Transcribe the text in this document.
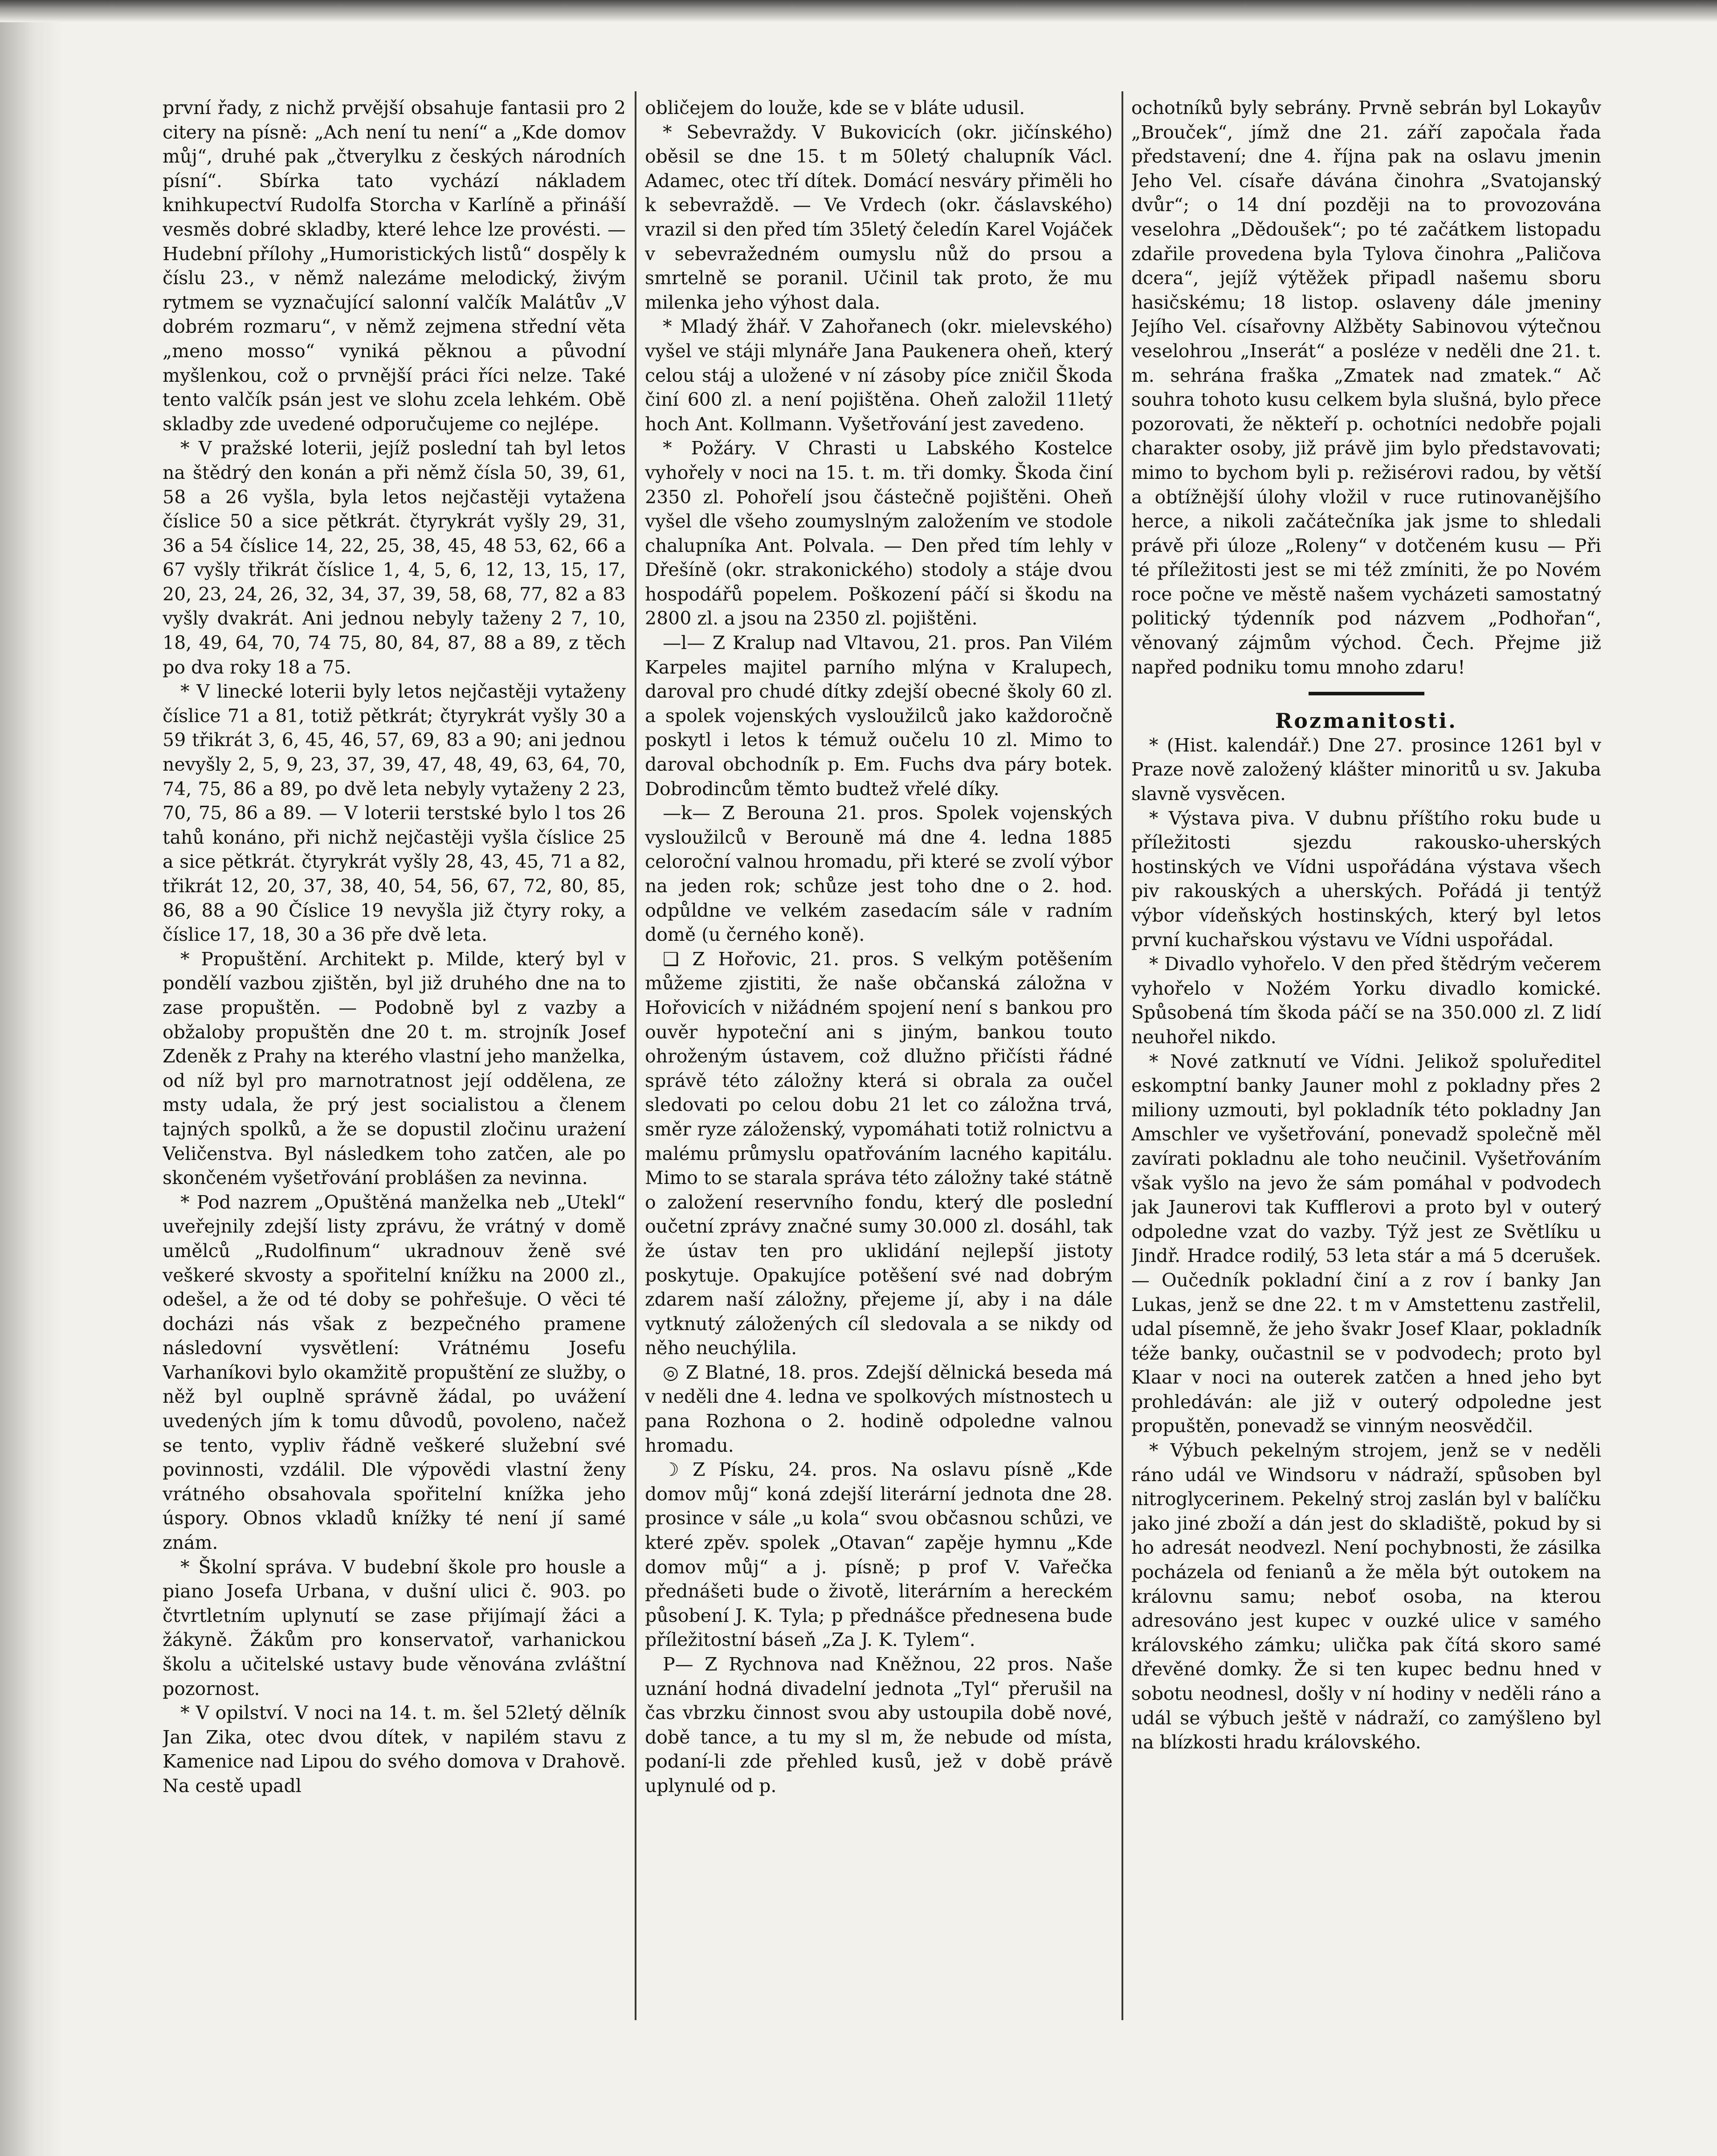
první řady, z nichž prvější obsahuje fantasii pro 2 citery na písně: „Ach není tu není“ a „Kde domov můj“, druhé pak „čtverylku z českých národních písní“. Sbírka tato vychází nákladem knihkupectví Rudolfa Storcha v Karlíně a přináší vesměs dobré skladby, které lehce lze provésti. — Hudební přílohy „Humoristických listů“ dospěly k číslu 23., v němž nalezáme melodický, živým rytmem se vyznačující salonní valčík Malátův „V dobrém rozmaru“, v němž zejmena střední věta „meno mosso“ vyniká pěknou a původní myšlenkou, což o prvnější práci říci nelze. Také tento valčík psán jest ve slohu zcela lehkém. Obě skladby zde uvedené odporučujeme co nejlépe.

* V pražské loterii, jejíž poslední tah byl letos na štědrý den konán a při němž čísla 50, 39, 61, 58 a 26 vyšla, byla letos nejčastěji vytažena číslice 50 a sice pětkrát. čtyrykrát vyšly 29, 31, 36 a 54 číslice 14, 22, 25, 38, 45, 48 53, 62, 66 a 67 vyšly třikrát číslice 1, 4, 5, 6, 12, 13, 15, 17, 20, 23, 24, 26, 32, 34, 37, 39, 58, 68, 77, 82 a 83 vyšly dvakrát. Ani jednou nebyly taženy 2 7, 10, 18, 49, 64, 70, 74 75, 80, 84, 87, 88 a 89, z těch po dva roky 18 a 75.

* V linecké loterii byly letos nejčastěji vytaženy číslice 71 a 81, totiž pětkrát; čtyrykrát vyšly 30 a 59 třikrát 3, 6, 45, 46, 57, 69, 83 a 90; ani jednou nevyšly 2, 5, 9, 23, 37, 39, 47, 48, 49, 63, 64, 70, 74, 75, 86 a 89, po dvě leta nebyly vytaženy 2 23, 70, 75, 86 a 89. — V loterii terstské bylo l tos 26 tahů konáno, při nichž nejčastěji vyšla číslice 25 a sice pětkrát. čtyrykrát vyšly 28, 43, 45, 71 a 82, třikrát 12, 20, 37, 38, 40, 54, 56, 67, 72, 80, 85, 86, 88 a 90 Číslice 19 nevyšla již čtyry roky, a číslice 17, 18, 30 a 36 pře dvě leta.

* Propuštění. Architekt p. Milde, který byl v pondělí vazbou zjištěn, byl již druhého dne na to zase propuštěn. — Podobně byl z vazby a obžaloby propuštěn dne 20 t. m. strojník Josef Zdeněk z Prahy na kterého vlastní jeho manželka, od níž byl pro marnotratnost její oddělena, ze msty udala, že prý jest socialistou a členem tajných spolků, a že se dopustil zločinu urażení Veličenstva. Byl následkem toho zatčen, ale po skončeném vyšetřování problášen za nevinna.

* Pod nazrem „Opuštěná manželka neb „Utekl“ uveřejnily zdejší listy zprávu, že vrátný v domě umělců „Rudolfinum“ ukradnouv ženě své veškeré skvosty a spořitelní knížku na 2000 zl., odešel, a že od té doby se pohřešuje. O věci té docházi nás však z bezpečného pramene následovní vysvětlení: Vrátnému Josefu Varhaníkovi bylo okamžitě propuštění ze služby, o něž byl ouplně správně žádal, po uvážení uvedených jím k tomu důvodů, povoleno, načež se tento, vypliv řádně veškeré služební své povinnosti, vzdálil. Dle výpovědi vlastní ženy vrátného obsahovala spořitelní knížka jeho úspory. Obnos vkladů knížky té není jí samé znám.

* Školní správa. V budební škole pro housle a piano Josefa Urbana, v dušní ulici č. 903. po čtvrtletním uplynutí se zase přijímají žáci a žákyně. Žákům pro konservatoř, varhanickou školu a učitelské ustavy bude věnována zvláštní pozornost.

* V opilství. V noci na 14. t. m. šel 52letý dělník Jan Zika, otec dvou dítek, v napilém stavu z Kamenice nad Lipou do svého domova v Drahově. Na cestě upadl

obličejem do louže, kde se v bláte udusil.

* Sebevraždy. V Bukovicích (okr. jičínského) oběsil se dne 15. t m 50letý chalupník Václ. Adamec, otec tří dítek. Domácí nesváry přiměli ho k sebevraždě. — Ve Vrdech (okr. čáslavského) vrazil si den před tím 35letý čeledín Karel Vojáček v sebevražedném oumyslu nůž do prsou a smrtelně se poranil. Učinil tak proto, že mu milenka jeho výhost dala.

* Mladý žhář. V Zahořanech (okr. mielevského) vyšel ve stáji mlynáře Jana Paukenera oheň, který celou stáj a uložené v ní zásoby píce zničil Škoda činí 600 zl. a není pojištěna. Oheň založil 11letý hoch Ant. Kollmann. Vyšetřování jest zavedeno.

* Požáry. V Chrasti u Labského Kostelce vyhořely v noci na 15. t. m. tři domky. Škoda činí 2350 zl. Pohořelí jsou částečně pojištěni. Oheň vyšel dle všeho zoumyslným založením ve stodole chalupníka Ant. Polvala. — Den před tím lehly v Dřešíně (okr. strakonického) stodoly a stáje dvou hospodářů popelem. Poškození páčí si škodu na 2800 zl. a jsou na 2350 zl. pojištěni.

—l— Z Kralup nad Vltavou, 21. pros. Pan Vilém Karpeles majitel parního mlýna v Kralupech, daroval pro chudé dítky zdejší obecné školy 60 zl. a spolek vojenských vysloužilců jako každoročně poskytl i letos k témuž oučelu 10 zl. Mimo to daroval obchodník p. Em. Fuchs dva páry botek. Dobrodincům těmto budtež vřelé díky.

—k— Z Berouna 21. pros. Spolek vojenských vysloužilců v Berouně má dne 4. ledna 1885 celoroční valnou hromadu, při které se zvolí výbor na jeden rok; schůze jest toho dne o 2. hod. odpůldne ve velkém zasedacím sále v radním domě (u černého koně).

❑ Z Hořovic, 21. pros. S velkým potěšením můžeme zjistiti, že naše občanská záložna v Hořovicích v nižádném spojení není s bankou pro ouvěr hypoteční ani s jiným, bankou touto ohroženým ústavem, což dlužno přičísti řádné správě této záložny která si obrala za oučel sledovati po celou dobu 21 let co záložna trvá, směr ryze záloženský, vypomáhati totiž rolnictvu a malému průmyslu opatřováním lacného kapitálu. Mimo to se starala správa této záložny také státně o založení reservního fondu, který dle poslední oučetní zprávy značné sumy 30.000 zl. dosáhl, tak že ústav ten pro uklidání nejlepší jistoty poskytuje. Opakujíce potěšení své nad dobrým zdarem naší záložny, přejeme jí, aby i na dále vytknutý záložených cíl sledovala a se nikdy od něho neuchýlila.

◎ Z Blatné, 18. pros. Zdejší dělnická beseda má v neděli dne 4. ledna ve spolkových místnostech u pana Rozhona o 2. hodině odpoledne valnou hromadu.

☽ Z Písku, 24. pros. Na oslavu písně „Kde domov můj“ koná zdejší literární jednota dne 28. prosince v sále „u kola“ svou občasnou schůzi, ve které zpěv. spolek „Otavan“ zapěje hymnu „Kde domov můj“ a j. písně; p prof V. Vařečka přednášeti bude o životě, literárním a hereckém působení J. K. Tyla; p přednášce přednesena bude příležitostní báseň „Za J. K. Tylem“.

P— Z Rychnova nad Kněžnou, 22 pros. Naše uznání hodná divadelní jednota „Tyl“ přerušil na čas vbrzku činnost svou aby ustoupila době nové, době tance, a tu my sl m, že nebude od místa, podaní-li zde přehled kusů, jež v době právě uplynulé od p.

ochotníků byly sebrány. Prvně sebrán byl Lokayův „Brouček“, jímž dne 21. září započala řada představení; dne 4. října pak na oslavu jmenin Jeho Vel. císaře dávána činohra „Svatojanský dvůr“; o 14 dní později na to provozována veselohra „Dědoušek“; po té začátkem listopadu zdařile provedena byla Tylova činohra „Paličova dcera“, jejíž výtěžek připadl našemu sboru hasičskému; 18 listop. oslaveny dále jmeniny Jejího Vel. císařovny Alžběty Sabinovou výtečnou veselohrou „Inserát“ a posléze v neděli dne 21. t. m. sehrána fraška „Zmatek nad zmatek.“ Ač souhra tohoto kusu celkem byla slušná, bylo přece pozorovati, že někteří p. ochotníci nedobře pojali charakter osoby, již právě jim bylo představovati; mimo to bychom byli p. režisérovi radou, by větší a obtížnější úlohy vložil v ruce rutinovanějšího herce, a nikoli začátečníka jak jsme to shledali právě při úloze „Roleny“ v dotčeném kusu — Při té příležitosti jest se mi též zmíniti, že po Novém roce počne ve městě našem vycházeti samostatný politický týdenník pod názvem „Podhořan“, věnovaný zájmům východ. Čech. Přejme již napřed podniku tomu mnoho zdaru!

Rozmanitosti.

* (Hist. kalendář.) Dne 27. prosince 1261 byl v Praze nově založený klášter minoritů u sv. Jakuba slavně vysvěcen.

* Výstava piva. V dubnu příštího roku bude u příležitosti sjezdu rakousko-uherských hostinských ve Vídni uspořádána výstava všech piv rakouských a uherských. Pořádá ji tentýž výbor vídeňských hostinských, který byl letos první kuchařskou výstavu ve Vídni uspořádal.

* Divadlo vyhořelo. V den před štědrým večerem vyhořelo v Nožém Yorku divadlo komické. Spůsobená tím škoda páčí se na 350.000 zl. Z lidí neuhořel nikdo.

* Nové zatknutí ve Vídni. Jelikož spoluředitel eskomptní banky Jauner mohl z pokladny přes 2 miliony uzmouti, byl pokladník této pokladny Jan Amschler ve vyšetřování, ponevadž společně měl zavírati pokladnu ale toho neučinil. Vyšetřováním však vyšlo na jevo že sám pomáhal v podvodech jak Jaunerovi tak Kufflerovi a proto byl v outerý odpoledne vzat do vazby. Týž jest ze Světlíku u Jindř. Hradce rodilý, 53 leta stár a má 5 dcerušek. — Oučedník pokladní činí a z rov í banky Jan Lukas, jenž se dne 22. t m v Amstettenu zastřelil, udal písemně, že jeho švakr Josef Klaar, pokladník téže banky, oučastnil se v podvodech; proto byl Klaar v noci na outerek zatčen a hned jeho byt prohledáván: ale již v outerý odpoledne jest propuštěn, ponevadž se vinným neosvědčil.

* Výbuch pekelným strojem, jenž se v neděli ráno udál ve Windsoru v nádraží, spůsoben byl nitroglycerinem. Pekelný stroj zaslán byl v balíčku jako jiné zboží a dán jest do skladiště, pokud by si ho adresát neodvezl. Není pochybnosti, že zásilka pocházela od fenianů a že měla být outokem na královnu samu; neboť osoba, na kterou adresováno jest kupec v ouzké ulice v samého královského zámku; ulička pak čítá skoro samé dřevěné domky. Že si ten kupec bednu hned v sobotu neodnesl, došly v ní hodiny v neděli ráno a udál se výbuch ještě v nádraží, co zamýšleno byl na blízkosti hradu královského.
